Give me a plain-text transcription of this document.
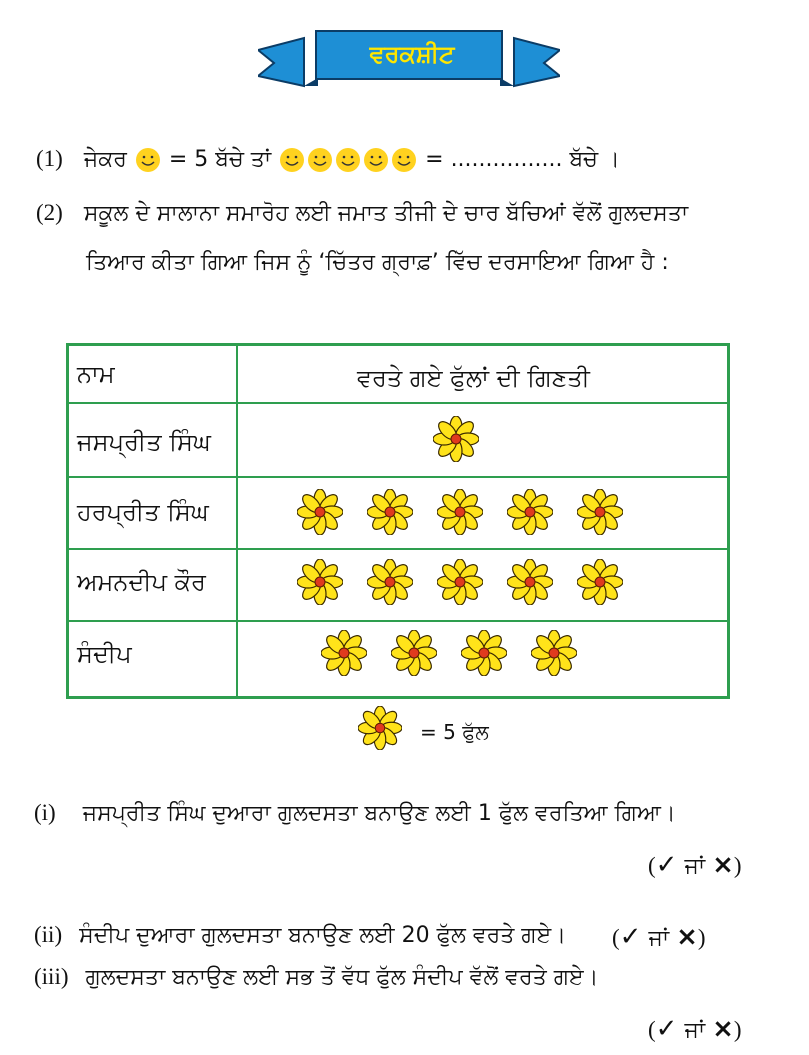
ਵਰਕਸ਼ੀਟ
(1) ਜੇਕਰ = 5 ਬੱਚੇ ਤਾਂ	= ................ ਬੱਚੇ ।
(2) ਸਕੂਲ ਦੇ ਸਾਲਾਨਾ ਸਮਾਰੋਹ ਲਈ ਜਮਾਤ ਤੀਜੀ ਦੇ ਚਾਰ ਬੱਚਿਆਂ ਵੱਲੋਂ ਗੁਲਦਸਤਾ
ਤਿਆਰ ਕੀਤਾ ਗਿਆ ਜਿਸ ਨੂੰ ‘ਚਿੱਤਰ ਗ੍ਰਾਫ਼’ ਵਿੱਚ ਦਰਸਾਇਆ ਗਿਆ ਹੈ :
ਨਾਮ	ਵਰਤੇ ਗਏ ਫੁੱਲਾਂ ਦੀ ਗਿਣਤੀ
ਜਸਪ੍ਰੀਤ ਸਿੰਘ
ਹਰਪ੍ਰੀਤ ਸਿੰਘ
ਅਮਨਦੀਪ ਕੌਰ
ਸੰਦੀਪ
= 5 ਫੁੱਲ
(i) ਜਸਪ੍ਰੀਤ ਸਿੰਘ ਦੁਆਰਾ ਗੁਲਦਸਤਾ ਬਨਾਉਣ ਲਈ 1 ਫੁੱਲ ਵਰਤਿਆ ਗਿਆ।
(✓ ਜਾਂ ×)
(ii) ਸੰਦੀਪ ਦੁਆਰਾ ਗੁਲਦਸਤਾ ਬਨਾਉਣ ਲਈ 20 ਫੁੱਲ ਵਰਤੇ ਗਏ। (✓ ਜਾਂ ×)
(iii) ਗੁਲਦਸਤਾ ਬਨਾਉਣ ਲਈ ਸਭ ਤੋਂ ਵੱਧ ਫੁੱਲ ਸੰਦੀਪ ਵੱਲੋਂ ਵਰਤੇ ਗਏ।
(✓ ਜਾਂ ×)
